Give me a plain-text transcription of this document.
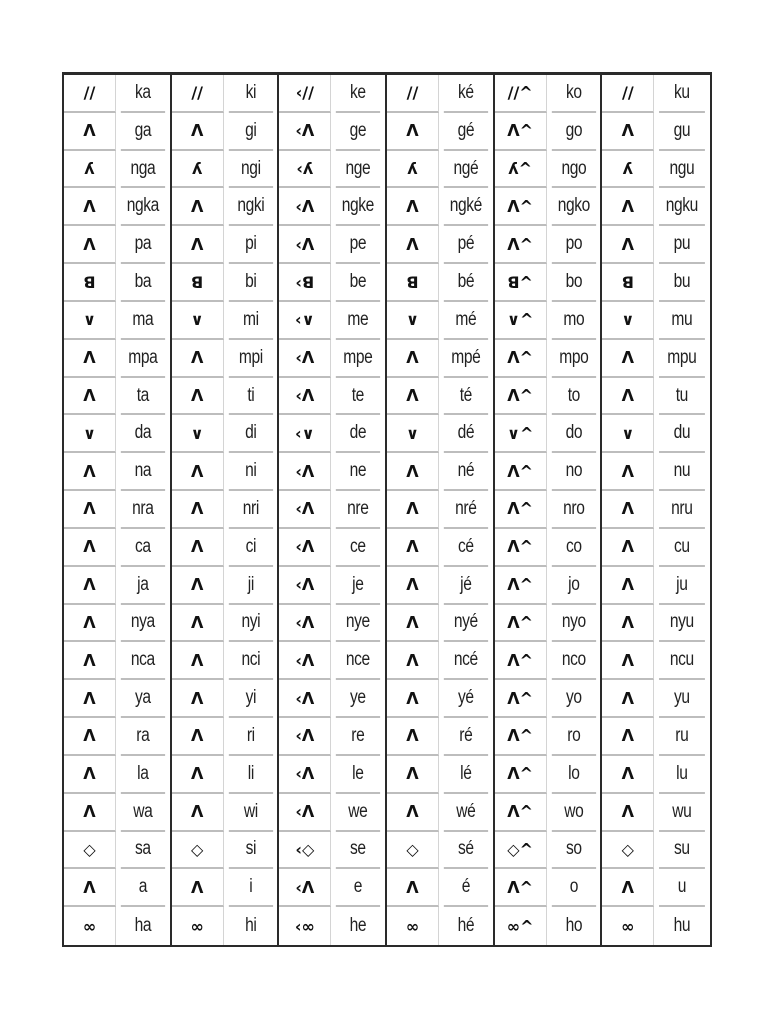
//	ka
ᐱ	ga
ʎ	nga
ᐱ	ngka
ᐱ	pa
ꓭ	ba
∨	ma
ᐱ	mpa
ᐱ	ta
∨	da
ᐱ	na
ᐱ	nra
ᐱ	ca
ᐱ	ja
ᐱ	nya
ᐱ	nca
ᐱ	ya
ᐱ	ra
ᐱ	la
ᐱ	wa
◇	sa
ᐱ	a
∞	ha
//	ki
ᐱ	gi
ʎ	ngi
ᐱ	ngki
ᐱ	pi
ꓭ	bi
∨	mi
ᐱ	mpi
ᐱ	ti
∨	di
ᐱ	ni
ᐱ	nri
ᐱ	ci
ᐱ	ji
ᐱ	nyi
ᐱ	nci
ᐱ	yi
ᐱ	ri
ᐱ	li
ᐱ	wi
◇	si
ᐱ	i
∞	hi
‹//	ke
‹ᐱ	ge
‹ʎ	nge
‹ᐱ	ngke
‹ᐱ	pe
‹ꓭ	be
‹∨	me
‹ᐱ	mpe
‹ᐱ	te
‹∨	de
‹ᐱ	ne
‹ᐱ	nre
‹ᐱ	ce
‹ᐱ	je
‹ᐱ	nye
‹ᐱ	nce
‹ᐱ	ye
‹ᐱ	re
‹ᐱ	le
‹ᐱ	we
‹◇	se
‹ᐱ	e
‹∞	he
//	ké
ᐱ	gé
ʎ	ngé
ᐱ	ngké
ᐱ	pé
ꓭ	bé
∨	mé
ᐱ	mpé
ᐱ	té
∨	dé
ᐱ	né
ᐱ	nré
ᐱ	cé
ᐱ	jé
ᐱ	nyé
ᐱ	ncé
ᐱ	yé
ᐱ	ré
ᐱ	lé
ᐱ	wé
◇	sé
ᐱ	é
∞	hé
//^	ko
ᐱ^	go
ʎ^	ngo
ᐱ^	ngko
ᐱ^	po
ꓭ^	bo
∨^	mo
ᐱ^	mpo
ᐱ^	to
∨^	do
ᐱ^	no
ᐱ^	nro
ᐱ^	co
ᐱ^	jo
ᐱ^	nyo
ᐱ^	nco
ᐱ^	yo
ᐱ^	ro
ᐱ^	lo
ᐱ^	wo
◇^	so
ᐱ^	o
∞^	ho
//	ku
ᐱ	gu
ʎ	ngu
ᐱ	ngku
ᐱ	pu
ꓭ	bu
∨	mu
ᐱ	mpu
ᐱ	tu
∨	du
ᐱ	nu
ᐱ	nru
ᐱ	cu
ᐱ	ju
ᐱ	nyu
ᐱ	ncu
ᐱ	yu
ᐱ	ru
ᐱ	lu
ᐱ	wu
◇	su
ᐱ	u
∞	hu
